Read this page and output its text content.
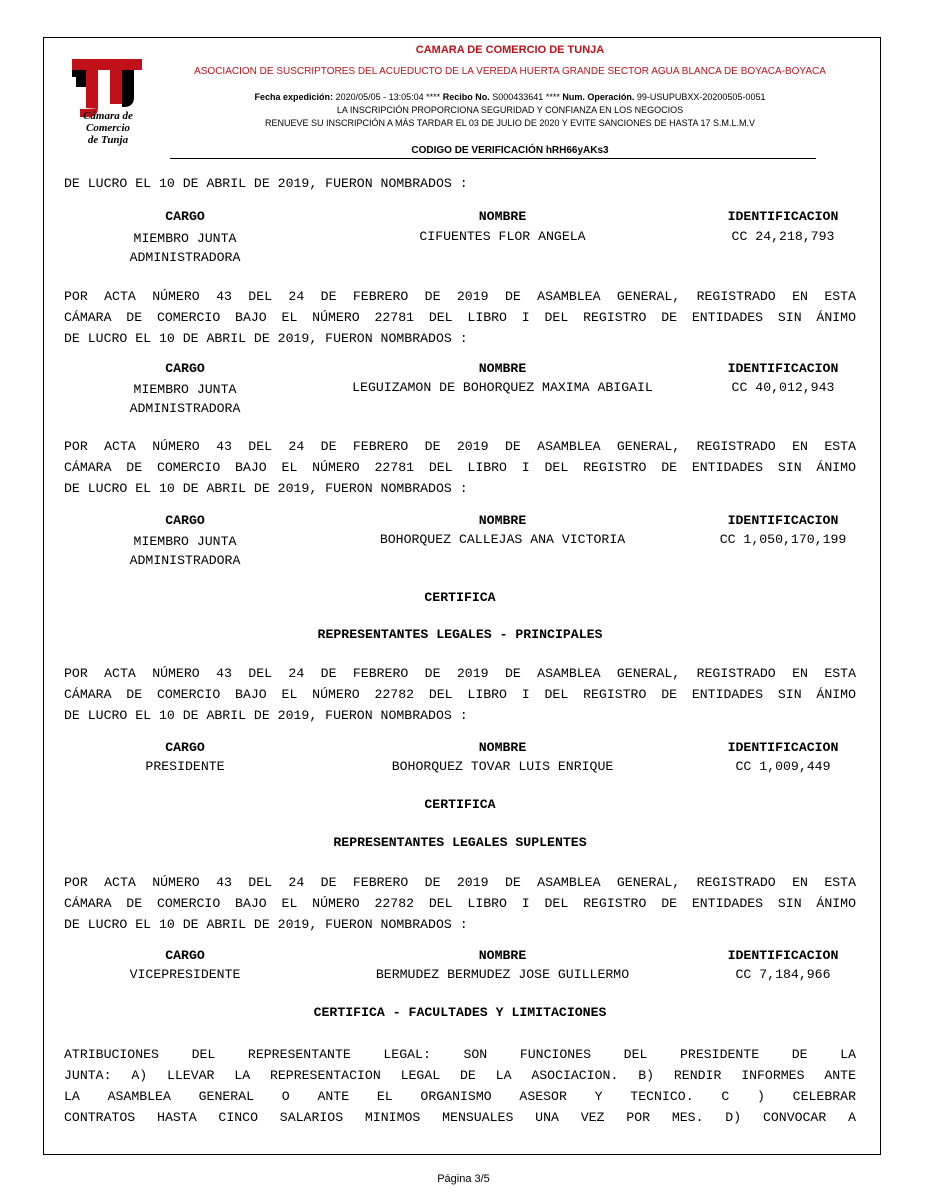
Cámara de Comercio
de Tunja
CAMARA DE COMERCIO DE TUNJA
ASOCIACION DE SUSCRIPTORES DEL ACUEDUCTO DE LA VEREDA HUERTA GRANDE SECTOR AGUA BLANCA DE BOYACA-BOYACA
Fecha expedición: 2020/05/05 - 13:05:04 **** Recibo No. S000433641 **** Num. Operación. 99-USUPUBXX-20200505-0051
LA INSCRIPCIÓN PROPORCIONA SEGURIDAD Y CONFIANZA EN LOS NEGOCIOS
RENUEVE SU INSCRIPCIÓN A MÁS TARDAR EL 03 DE JULIO DE 2020 Y EVITE SANCIONES DE HASTA 17 S.M.L.M.V
CODIGO DE VERIFICACIÓN hRH66yAKs3
DE LUCRO EL 10 DE ABRIL DE 2019, FUERON NOMBRADOS :
CARGO	NOMBRE	IDENTIFICACION
MIEMBRO JUNTA
ADMINISTRADORA
CIFUENTES FLOR ANGELA	CC 24,218,793
POR ACTA NÚMERO 43 DEL 24 DE FEBRERO DE 2019 DE ASAMBLEA GENERAL, REGISTRADO EN ESTA
CÁMARA DE COMERCIO BAJO EL NÚMERO 22781 DEL LIBRO I DEL REGISTRO DE ENTIDADES SIN ÁNIMO
DE LUCRO EL 10 DE ABRIL DE 2019, FUERON NOMBRADOS :
CARGO	NOMBRE	IDENTIFICACION
MIEMBRO JUNTA
ADMINISTRADORA
LEGUIZAMON DE BOHORQUEZ MAXIMA ABIGAIL	CC 40,012,943
POR ACTA NÚMERO 43 DEL 24 DE FEBRERO DE 2019 DE ASAMBLEA GENERAL, REGISTRADO EN ESTA
CÁMARA DE COMERCIO BAJO EL NÚMERO 22781 DEL LIBRO I DEL REGISTRO DE ENTIDADES SIN ÁNIMO
DE LUCRO EL 10 DE ABRIL DE 2019, FUERON NOMBRADOS :
CARGO	NOMBRE	IDENTIFICACION
MIEMBRO JUNTA
ADMINISTRADORA
BOHORQUEZ CALLEJAS ANA VICTORIA	CC 1,050,170,199
CERTIFICA
REPRESENTANTES LEGALES - PRINCIPALES
POR ACTA NÚMERO 43 DEL 24 DE FEBRERO DE 2019 DE ASAMBLEA GENERAL, REGISTRADO EN ESTA
CÁMARA DE COMERCIO BAJO EL NÚMERO 22782 DEL LIBRO I DEL REGISTRO DE ENTIDADES SIN ÁNIMO
DE LUCRO EL 10 DE ABRIL DE 2019, FUERON NOMBRADOS :
CARGO	NOMBRE	IDENTIFICACION
PRESIDENTE	BOHORQUEZ TOVAR LUIS ENRIQUE	CC 1,009,449
CERTIFICA
REPRESENTANTES LEGALES SUPLENTES
POR ACTA NÚMERO 43 DEL 24 DE FEBRERO DE 2019 DE ASAMBLEA GENERAL, REGISTRADO EN ESTA
CÁMARA DE COMERCIO BAJO EL NÚMERO 22782 DEL LIBRO I DEL REGISTRO DE ENTIDADES SIN ÁNIMO
DE LUCRO EL 10 DE ABRIL DE 2019, FUERON NOMBRADOS :
CARGO	NOMBRE	IDENTIFICACION
VICEPRESIDENTE	BERMUDEZ BERMUDEZ JOSE GUILLERMO	CC 7,184,966
CERTIFICA - FACULTADES Y LIMITACIONES
ATRIBUCIONES DEL REPRESENTANTE LEGAL: SON FUNCIONES DEL PRESIDENTE DE LA
JUNTA: A) LLEVAR LA REPRESENTACION LEGAL DE LA ASOCIACION. B) RENDIR INFORMES ANTE
LA ASAMBLEA GENERAL O ANTE EL ORGANISMO ASESOR Y TECNICO. C ) CELEBRAR
CONTRATOS HASTA CINCO SALARIOS MINIMOS MENSUALES UNA VEZ POR MES. D) CONVOCAR A
Página 3/5
